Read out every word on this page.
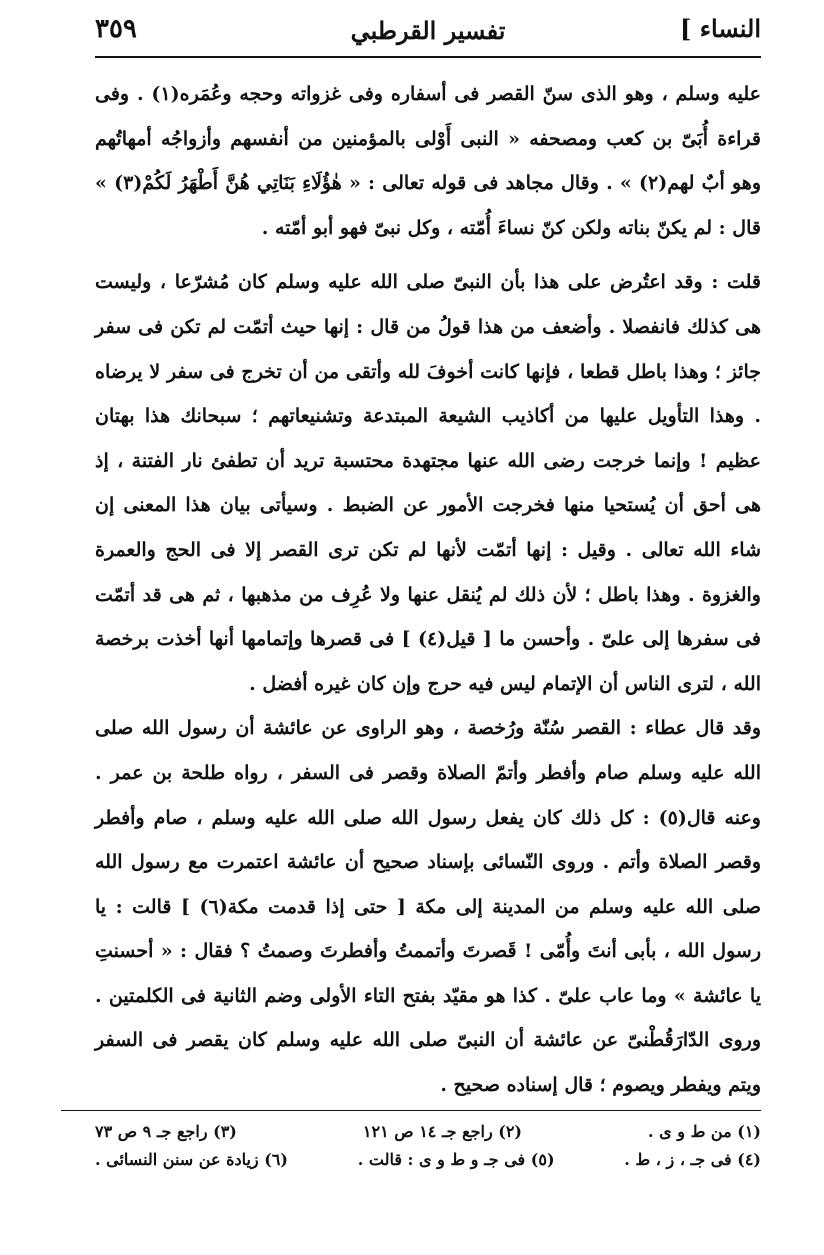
النساء ]
تفسير القرطبي
٣٥٩

عليه وسلم ، وهو الذى سنّ القصر فى أسفاره وفى غزواته وحجه وعُمَره(١) . وفى قراءة أُبَىّ بن كعب ومصحفه « النبى أَوْلى بالمؤمنين من أنفسهم وأزواجُه أمهاتُهم وهو أبٌ لهم(٢) » . وقال مجاهد فى قوله تعالى : « هٰؤُلَاءِ بَنَاتِي هُنَّ أَطْهَرُ لَكُمْ(٣) » قال : لم يكنّ بناته ولكن كنّ نساءَ أُمّته ، وكل نبىّ فهو أبو أمّته .

قلت : وقد اعتُرض على هذا بأن النبىّ صلى الله عليه وسلم كان مُشرّعا ، وليست هى كذلك فانفصلا . وأضعف من هذا قولُ من قال : إنها حيث أتمّت لم تكن فى سفر جائز ؛ وهذا باطل قطعا ، فإنها كانت أخوفَ لله وأتقى من أن تخرج فى سفر لا يرضاه . وهذا التأويل عليها من أكاذيب الشيعة المبتدعة وتشنيعاتهم ؛ سبحانك هذا بهتان عظيم ! وإنما خرجت رضى الله عنها مجتهدة محتسبة تريد أن تطفئ نار الفتنة ، إذ هى أحق أن يُستحيا منها فخرجت الأمور عن الضبط . وسيأتى بيان هذا المعنى إن شاء الله تعالى . وقيل : إنها أتمّت لأنها لم تكن ترى القصر إلا فى الحج والعمرة والغزوة . وهذا باطل ؛ لأن ذلك لم يُنقل عنها ولا عُرِف من مذهبها ، ثم هى قد أتمّت فى سفرها إلى علىّ . وأحسن ما [ قيل(٤) ] فى قصرها وإتمامها أنها أخذت برخصة الله ، لترى الناس أن الإتمام ليس فيه حرج وإن كان غيره أفضل .

وقد قال عطاء : القصر سُنّة ورُخصة ، وهو الراوى عن عائشة أن رسول الله صلى الله عليه وسلم صام وأفطر وأتمّ الصلاة وقصر فى السفر ، رواه طلحة بن عمر . وعنه قال(٥) : كل ذلك كان يفعل رسول الله صلى الله عليه وسلم ، صام وأفطر وقصر الصلاة وأتم . وروى النّسائى بإسناد صحيح أن عائشة اعتمرت مع رسول الله صلى الله عليه وسلم من المدينة إلى مكة [ حتى إذا قدمت مكة(٦) ] قالت : يا رسول الله ، بأبى أنتَ وأُمّى ! قَصرتَ وأتممتُ وأفطرتَ وصمتُ ؟ فقال : « أحسنتِ يا عائشة » وما عاب علىّ . كذا هو مقيّد بفتح التاء الأولى وضم الثانية فى الكلمتين . وروى الدّارَقُطْنىّ عن عائشة أن النبىّ صلى الله عليه وسلم كان يقصر فى السفر ويتم ويفطر ويصوم ؛ قال إسناده صحيح .

(١) من ط و ى .
(٢) راجع جـ ١٤ ص ١٢١
(٣) راجع جـ ٩ ص ٧٣
(٤) فى جـ ، ز ، ط .
(٥) فى جـ و ط و ى : قالت .
(٦) زيادة عن سنن النسائى .
